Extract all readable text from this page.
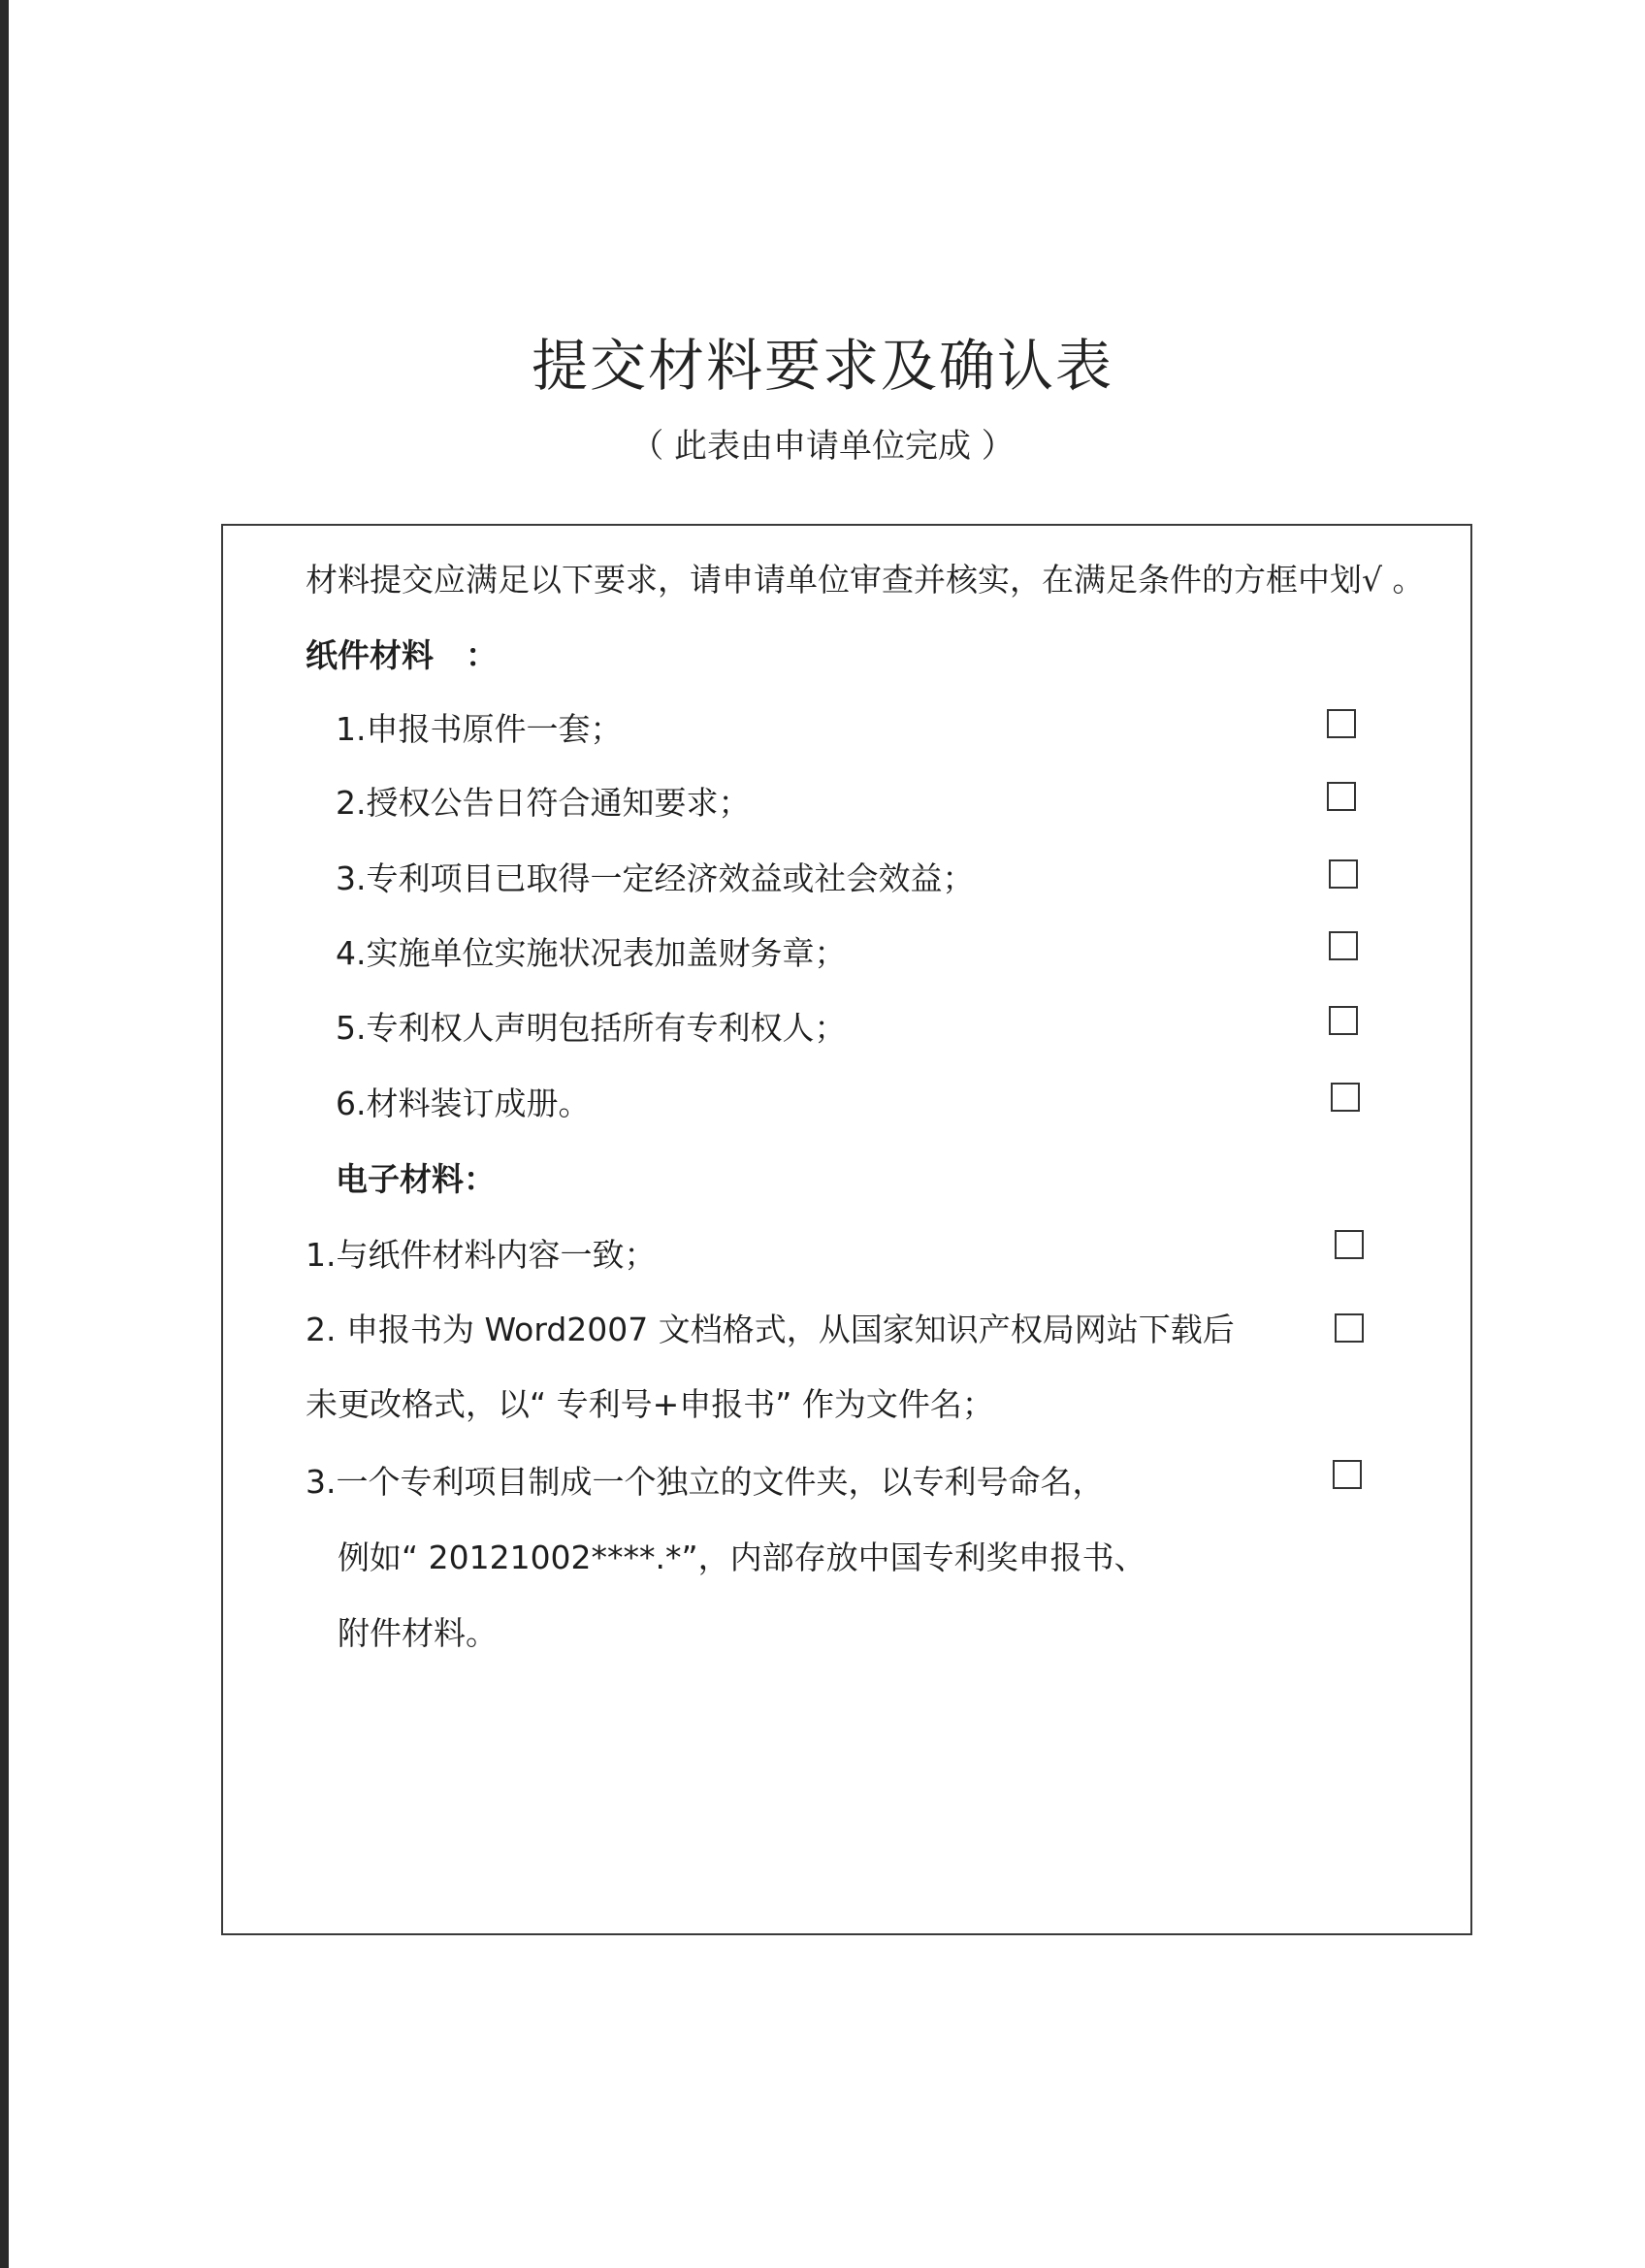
提交材料要求及确认表
（ 此表由申请单位完成 ）
材料提交应满足以下要求，请申请单位审查并核实，在满足条件的方框中划√ 。
纸件材料　：
1.申报书原件一套；
2.授权公告日符合通知要求；
3.专利项目已取得一定经济效益或社会效益；
4.实施单位实施状况表加盖财务章；
5.专利权人声明包括所有专利权人；
6.材料装订成册。
电子材料：
1.与纸件材料内容一致；
2. 申报书为 Word2007 文档格式，从国家知识产权局网站下载后
未更改格式，以“ 专利号+申报书” 作为文件名；
3.一个专利项目制成一个独立的文件夹，以专利号命名，
例如“ 20121002****.*”，内部存放中国专利奖申报书、
附件材料。
